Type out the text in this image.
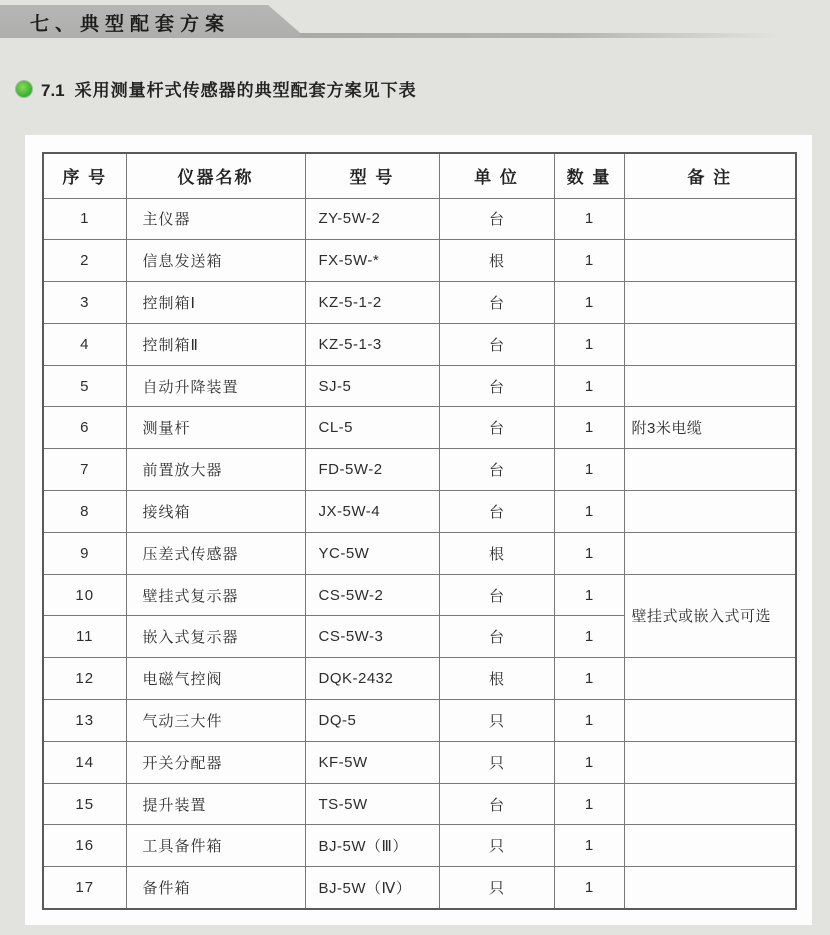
七、典型配套方案
7.1 采用测量杆式传感器的典型配套方案见下表
序 号	仪器名称	型 号	单 位	数 量	备 注
1	主仪器	ZY-5W-2	台	1	
2	信息发送箱	FX-5W-*	根	1	
3	控制箱Ⅰ	KZ-5-1-2	台	1	
4	控制箱Ⅱ	KZ-5-1-3	台	1	
5	自动升降装置	SJ-5	台	1	
6	测量杆	CL-5	台	1	附3米电缆
7	前置放大器	FD-5W-2	台	1	
8	接线箱	JX-5W-4	台	1	
9	压差式传感器	YC-5W	根	1	
10	壁挂式复示器	CS-5W-2	台	1	壁挂式或嵌入式可选
11	嵌入式复示器	CS-5W-3	台	1	
12	电磁气控阀	DQK-2432	根	1	
13	气动三大件	DQ-5	只	1	
14	开关分配器	KF-5W	只	1	
15	提升装置	TS-5W	台	1	
16	工具备件箱	BJ-5W（Ⅲ）	只	1	
17	备件箱	BJ-5W（Ⅳ）	只	1	
